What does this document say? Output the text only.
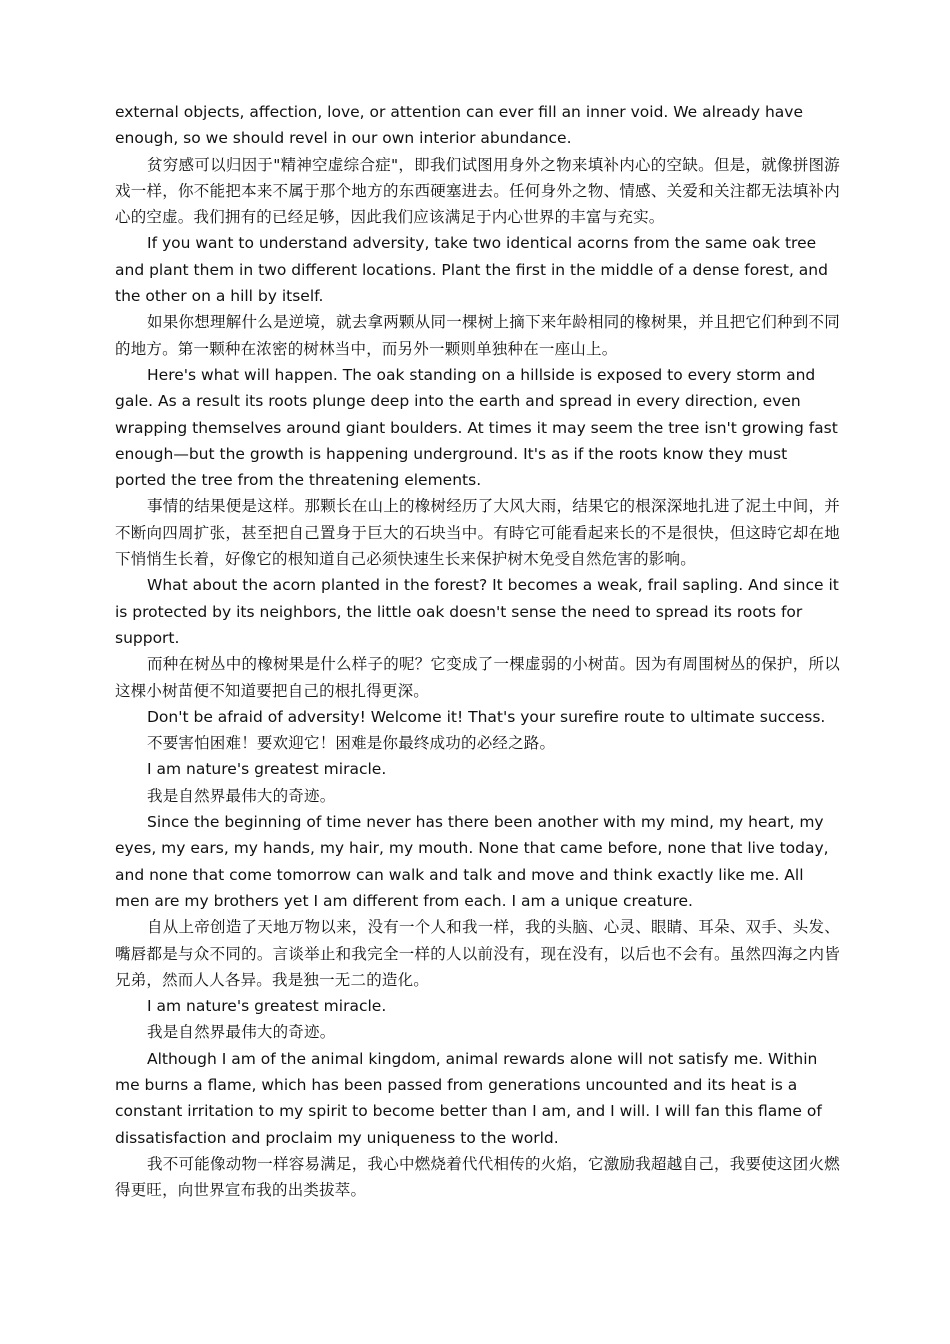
external objects, affection, love, or attention can ever fill an inner void. We already have enough, so we should revel in our own interior abundance.

贫穷感可以归因于"精神空虚综合症"，即我们试图用身外之物来填补内心的空缺。但是，就像拼图游戏一样，你不能把本来不属于那个地方的东西硬塞进去。任何身外之物、情感、关爱和关注都无法填补内心的空虚。我们拥有的已经足够，因此我们应该满足于内心世界的丰富与充实。

If you want to understand adversity, take two identical acorns from the same oak tree and plant them in two different locations. Plant the first in the middle of a dense forest, and the other on a hill by itself.

如果你想理解什么是逆境，就去拿两颗从同一棵树上摘下来年龄相同的橡树果，并且把它们种到不同的地方。第一颗种在浓密的树林当中，而另外一颗则单独种在一座山上。

Here's what will happen. The oak standing on a hillside is exposed to every storm and gale. As a result its roots plunge deep into the earth and spread in every direction, even wrapping themselves around giant boulders. At times it may seem the tree isn't growing fast enough—but the growth is happening underground. It's as if the roots know they must ported the tree from the threatening elements.

事情的结果便是这样。那颗长在山上的橡树经历了大风大雨，结果它的根深深地扎进了泥土中间，并不断向四周扩张，甚至把自己置身于巨大的石块当中。有時它可能看起来长的不是很快，但这時它却在地下悄悄生长着，好像它的根知道自己必须快速生长来保护树木免受自然危害的影响。

What about the acorn planted in the forest? It becomes a weak, frail sapling. And since it is protected by its neighbors, the little oak doesn't sense the need to spread its roots for support.

而种在树丛中的橡树果是什么样子的呢？它变成了一棵虚弱的小树苗。因为有周围树丛的保护，所以这棵小树苗便不知道要把自己的根扎得更深。

Don't be afraid of adversity! Welcome it! That's your surefire route to ultimate success.

不要害怕困难！要欢迎它！困难是你最终成功的必经之路。

I am nature's greatest miracle.

我是自然界最伟大的奇迹。

Since the beginning of time never has there been another with my mind, my heart, my eyes, my ears, my hands, my hair, my mouth. None that came before, none that live today, and none that come tomorrow can walk and talk and move and think exactly like me. All men are my brothers yet I am different from each. I am a unique creature.

自从上帝创造了天地万物以来，没有一个人和我一样，我的头脑、心灵、眼睛、耳朵、双手、头发、嘴唇都是与众不同的。言谈举止和我完全一样的人以前没有，现在没有，以后也不会有。虽然四海之内皆兄弟，然而人人各异。我是独一无二的造化。

I am nature's greatest miracle.

我是自然界最伟大的奇迹。

Although I am of the animal kingdom, animal rewards alone will not satisfy me. Within me burns a flame, which has been passed from generations uncounted and its heat is a constant irritation to my spirit to become better than I am, and I will. I will fan this flame of dissatisfaction and proclaim my uniqueness to the world.

我不可能像动物一样容易满足，我心中燃烧着代代相传的火焰，它激励我超越自己，我要使这团火燃得更旺，向世界宣布我的出类拔萃。
